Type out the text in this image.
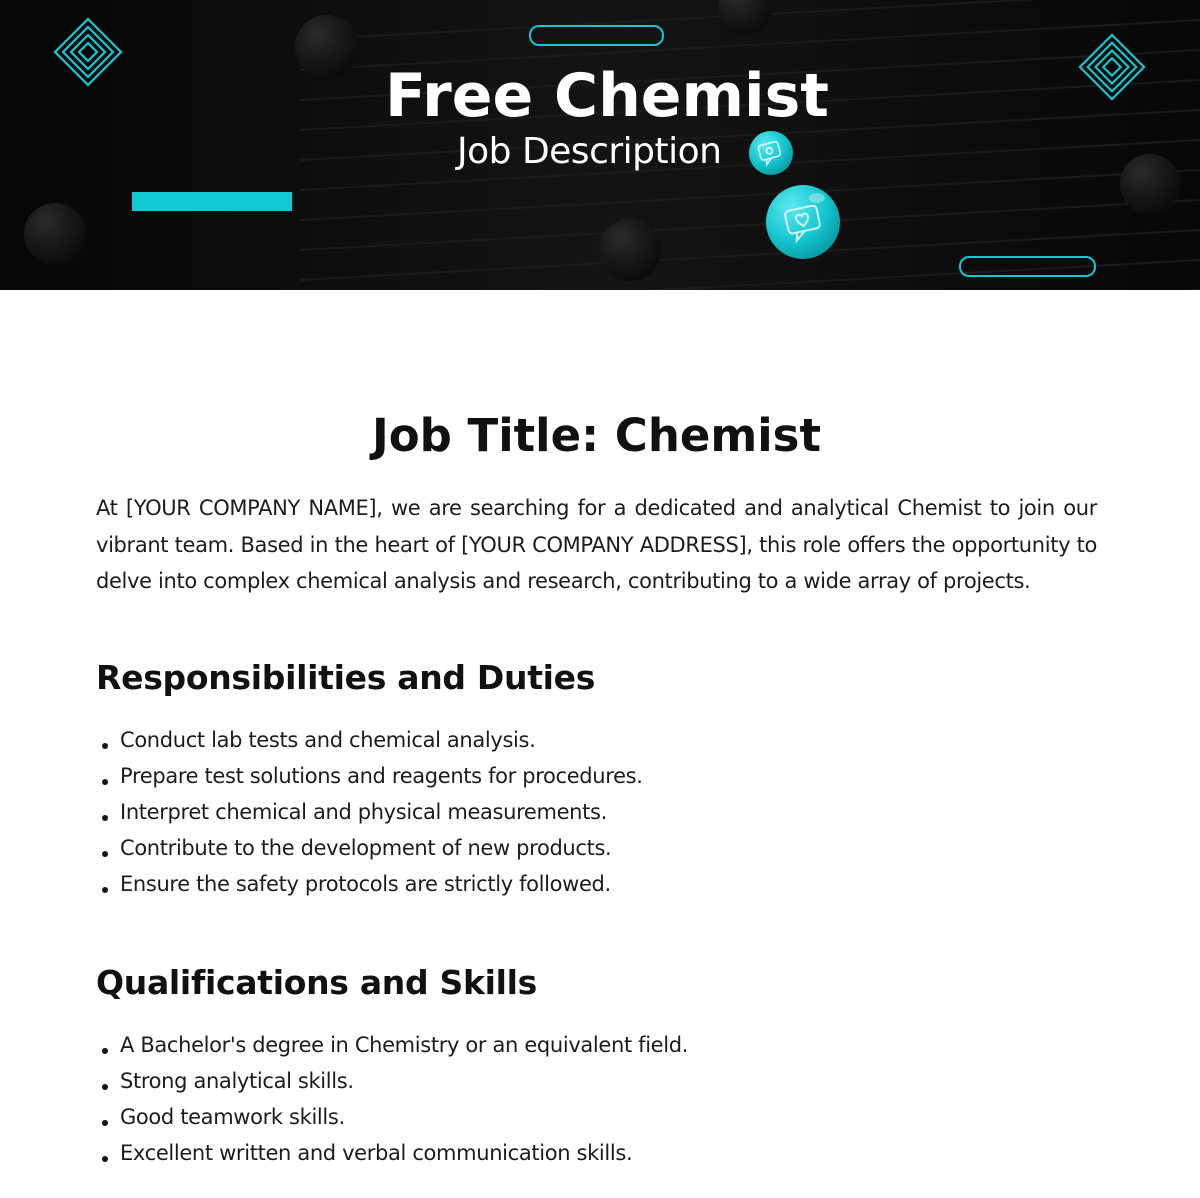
Free Chemist
Job Description
Job Title: Chemist

At [YOUR COMPANY NAME], we are searching for a dedicated and analytical Chemist to join our vibrant team. Based in the heart of [YOUR COMPANY ADDRESS], this role offers the opportunity to delve into complex chemical analysis and research, contributing to a wide array of projects.

Responsibilities and Duties
Conduct lab tests and chemical analysis.
Prepare test solutions and reagents for procedures.
Interpret chemical and physical measurements.
Contribute to the development of new products.
Ensure the safety protocols are strictly followed.
Qualifications and Skills
A Bachelor's degree in Chemistry or an equivalent field.
Strong analytical skills.
Good teamwork skills.
Excellent written and verbal communication skills.
